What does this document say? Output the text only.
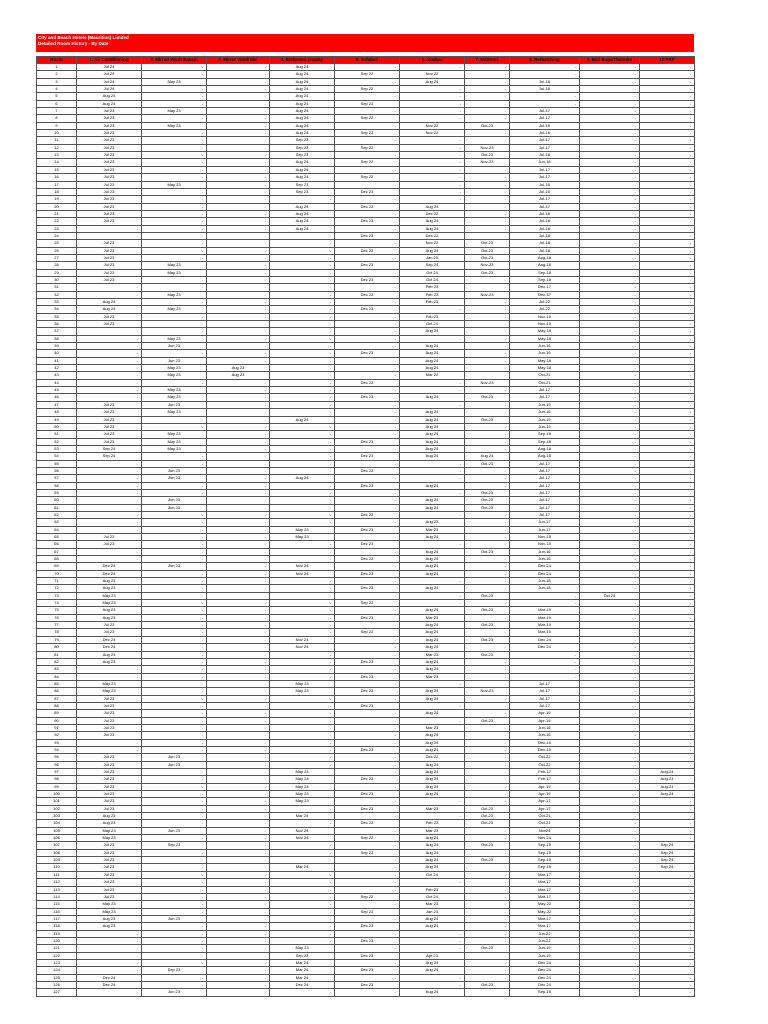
City and Beach Hotels (Mauritius) Limited
Detailed Room History - By Date
Room	1. Air Conditioning	2. Mirror/ Wash Bassin	3. Mirror Wardrobe	4. Bathroom revamp	5. Sofabed	6. Minibar	7. Mattress	8. Rethatching	9. Bed Bugs/Thermite	10.PRP
1	Jul 24	-	-	Aug 24	-	-	-	-	-	-
2	Jul 24	-	-	Aug 24	Sep 22	Nov 22	-	-	-	-
3	Jul 24	May 23	-	Aug 24	-	Aug 24	-	Jul-18	-	-
4	Jul 24	-	-	Aug 24	Sep 22	-	-	Jul-18	-	-
5	Aug 24	-	-	Aug 24	-	-	-	-	-	-
6	Aug 24	-	-	Aug 24	Sep 22	-	-	-	-	-
7	Jul 23	May 23	-	Aug 24	-	-	-	Jul-17	-	-
8	Jul 23	-	-	Aug 24	Sep 22	-	-	Jul-17	-	-
9	Jul 23	May 23	-	Aug 24	-	Nov 22	Oct-23	Jul-16	-	-
10	Jul 23	-	-	Aug 24	Sep 22	Nov 22	-	Jul-16	-	-
11	Jul 23	-	-	Sep 23	-	-	-	Jul-17	-	-
12	Jul 23	-	-	Sep 23	Sep 22	-	Nov-23	Jul-17	-	-
13	Jul 23	-	-	Sep 23	-	-	Oct-23	Jul-18	-	-
14	Jul 23	-	-	Aug 24	Sep 22	-	Nov-23	Jun-18	-	-
15	Jul 23	-	-	Aug 24	-	-	-	Jul-17	-	-
16	Jul 23	-	-	Aug 24	Sep 22	-	-	Jul-17	-	-
17	Jul 23	May 23	-	Sep 23	-	-	-	Jul-16	-	-
18	Jul 23	-	-	Sep 23	Dec 23	-	-	Jul-16	-	-
19	Jul 23	-	-	-	-	-	-	Jul-17	-	-
20	Jul 23	-	-	Aug 24	Dec 23	Aug 24	-	Jul-17	-	-
21	Jul 23	-	-	Aug 24	-	Dec 22	-	Jul-18	-	-
22	Jul 23	-	-	Aug 24	Dec 23	Aug 24	-	Jul-18	-	-
23	-	-	-	Aug 24	-	Aug 24	-	Jul-18	-	-
24	-	-	-	-	Dec 23	Dec 22	-	Jul-18	-	-
25	Jul 23	-	-	-	-	Nov 22	Oct-23	Jul-18	-	-
26	Jul 23	-	-	-	Dec 23	Aug 24	Oct-23	Jul-18	-	-
27	Jul 23	-	-	-	-	Jan 23	Oct-23	Aug-18	-	-
28	Jul 23	May 23	-	-	Dec 23	Sep 24	Nov-23	Aug-18	-	-
29	Jul 23	May 23	-	-	-	Oct 24	Oct-23	Sep-18	-	-
30	Jul 23	-	-	-	Dec 23	Oct 24	-	Sep-18	-	-
31	-	-	-	-	-	Feb 23	-	Dec-17	-	-
32	-	May 23	-	-	Dec 23	Feb 23	Nov-23	Dec-17	-	-
33	Aug 24	-	-	-	-	Feb 23	-	Jul-22	-	-
34	Aug 24	May 23	-	-	Dec 23	-	-	Jul-22	-	-
35	Jul 23	-	-	-	-	Feb 23	-	Nov-15	-	-
36	Jul 23	-	-	-	-	Oct 24	-	Nov-15	-	-
37	-	-	-	-	-	Aug 24	-	May-19	-	-
38	-	May 23	-	-	-	-	-	May-19	-	-
39	-	Jun 23	-	-	-	Aug 24	-	Jun-16	-	-
40	-	-	-	-	Dec 23	Aug 24	-	Jun-16	-	-
41	-	Jun 23	-	-	-	Aug 24	-	May-18	-	-
42	-	May 23	Aug 23	-	-	Aug 24	-	May-18	-	-
43	-	May 23	Aug 23	-	-	Mar 22	-	Oct-21	-	-
44	-	-	-	-	Dec 23	-	Nov-23	Oct-21	-	-
45	-	May 23	-	-	-	-	-	Jul-17	-	-
46	-	May 23	-	-	Dec 23	Aug 24	Oct-23	Jul-17	-	-
47	Jul 23	Jun 23	-	-	-	-	-	Jun-19	-	-
48	Jul 23	May 23	-	-	-	Aug 24	-	Jun-16	-	-
49	Jul 23	-	-	Aug 24	-	Aug 24	Oct-23	Jun-19	-	-
50	Jul 23	-	-	-	-	Aug 24	-	Jun-19	-	-
51	Jul 23	May 23	-	-	-	Aug 24	-	Sep-18	-	-
52	Jul 23	May 23	-	-	Dec 23	Aug 24	-	Sep-18	-	-
53	Sep 24	May 23	-	-	-	Aug 24	-	Aug-18	-	-
54	Sep 24	-	-	-	Dec 23	Aug 24	Aug 24	Aug-18	-	-
55	-	-	-	-	-	-	Oct-23	Jul-17	-	-
56	-	Jun 23	-	-	Dec 23	-	-	Jul-17	-	-
57	-	Jun 23	-	Aug 24	-	-	-	Jul-17	-	-
58	-	-	-	-	Dec 23	Aug 24	-	Jul-17	-	-
59	-	-	-	-	-	-	Oct-23	Jul-17	-	-
60	-	Jun 23	-	-	-	Aug 24	Oct-23	Jul-17	-	-
61	-	Jun 23	-	-	-	Aug 24	Oct-23	Jul-17	-	-
62	-	-	-	-	Dec 23	-	-	Jul-17	-	-
63	-	-	-	-	-	Aug 23	-	Jun-17	-	-
64	-	-	-	May 23	Dec 23	Mar 23	-	Jun-17	-	-
65	Jul 23	-	-	May 23	-	Aug 24	-	Nov-15	-	-
66	Jul 23	-	-	-	Dec 23	-	-	Nov-15	-	-
67	-	-	-	-	-	Aug 24	Oct-23	Jun-16	-	-
68	-	-	-	-	Dec 23	Aug 24	-	Jun-16	-	-
69	Dec 24	Jun 23	-	Nov 24	-	Aug 24	-	Dec 24	-	-
70	Dec 24	-	-	Nov 24	Dec 23	Aug 24	-	Dec 24	-	-
71	Aug 23	-	-	-	-	-	-	Jun-18	-	-
72	Aug 23	-	-	-	Dec 23	Aug 24	-	Jun-18	-	-
73	May 23	-	-	-	-	-	Oct-23	-	Oct 24	-
74	May 23	-	-	-	Sep 22	-	-	-	-	-
75	Aug 23	-	-	-	-	Aug 24	Oct-23	Mar-19	-	-
76	Aug 23	-	-	-	Dec 23	Mar 23	-	Mar-19	-	-
77	Jul 23	-	-	-	-	Aug 24	Oct-23	Mar-19	-	-
78	Jul 23	-	-	-	Sep 22	Aug 24	-	Mar-19	-	-
79	Dec 24	-	-	Nov 24	-	Aug 24	Oct-23	Dec 24	-	-
80	Dec 24	-	-	Nov 24	-	Aug 24	-	Dec 24	-	-
81	Aug 23	-	-	-	-	Mar 23	Oct-23	-	-	-
82	Aug 23	-	-	-	Dec 23	Aug 24	-	-	-	-
83	-	-	-	-	-	Aug 24	-	-	-	-
84	-	-	-	-	Dec 23	Mar 23	-	-	-	-
85	May 23	-	-	May 23	-	-	-	Jul-17	-	-
86	May 23	-	-	May 23	Dec 23	Aug 24	Nov-23	Jul-17	-	-
87	Jul 23	-	-	-	-	Aug 24	-	Jul-17	-	-
88	Jul 23	-	-	-	Dec 23	-	-	Jul-17	-	-
89	Jul 23	-	-	-	-	Aug 24	-	Apr-19	-	-
90	Jul 23	-	-	-	-	-	Oct-23	Apr-19	-	-
91	Jul 23	-	-	-	-	Mar 23	-	Jun-16	-	-
92	Jul 23	-	-	-	-	Aug 24	-	Jun-16	-	-
93	-	-	-	-	-	Aug 24	-	Dec-15	-	-
94	-	-	-	-	Dec 23	Aug 24	-	Dec-15	-	-
95	Jul 23	Jun 23	-	-	-	Dec 22	-	Oct-22	-	-
96	Jul 23	Jun 23	-	-	-	Aug 24	-	Oct-22	-	-
97	Jul 23	-	-	May 24	-	Aug 24	-	Feb-17	-	Aug-24
98	Jul 23	-	-	May 24	Dec 23	Aug 24	-	Feb-17	-	Aug-24
99	Jul 23	-	-	May 24	-	Aug 24	-	Apr-19	-	Aug-24
100	Jul 23	-	-	May 23	Dec 23	Aug 24	-	Apr-19	-	Aug-24
101	Jul 23	-	-	May 23	-	-	-	Apr-17	-	-
102	Jul 23	-	-	-	Dec 23	Mar 23	Oct-23	Apr-17	-	-
103	Aug 23	-	-	Mar 24	-	-	Oct-23	Oct-21	-	-
104	Aug 23	-	-	-	Dec 23	Feb 23	Oct-23	Oct-21	-	-
105	May 23	Jun 23	-	Nov 24	-	Mar 23	-	Nov24	-	-
106	May 23	-	-	Nov 24	Sep 22	Aug 24	-	Nov 24	-	-
107	Jul 23	Sep 23	-	-	-	Aug 24	Oct-23	Sep-15	-	Sep 24
108	Jul 23	-	-	-	Sep 22	Aug 24	-	Sep-15	-	Sep 24
109	Jul 23	-	-	-	-	Aug 24	Oct-23	Sep-15	-	Sep 24
110	Jul 23	-	-	Mar 24	-	Aug 24	-	Sep-15	-	Sep 24
111	Jul 23	-	-	-	-	Oct 24	-	Mar-17	-	-
112	Jul 23	-	-	-	-	-	-	Mar-17	-	-
113	Jul 23	-	-	-	-	Feb 23	-	Mar-17	-	-
114	Jul 23	-	-	-	Sep 22	Oct 24	-	Mar-17	-	-
115	May 23	-	-	-	-	Mar 23	-	May-22	-	-
116	May 23	-	-	-	Sep 22	Jan 23	-	May-22	-	-
117	Aug 23	Jun 23	-	-	-	Aug 24	-	Mar-17	-	-
118	Aug 23	-	-	-	Dec 23	Aug 24	-	Mar-17	-	-
119	-	-	-	-	-	-	-	Jun-22	-	-
120	-	-	-	-	Dec 23	-	-	Jun-22	-	-
121	-	-	-	May 23	-	-	Oct-23	Jun-19	-	-
122	-	-	-	Sep 23	Dec 23	Apr 23	-	Jun-19	-	-
123	-	-	-	Mar 24	-	Aug 24	-	Dec 24	-	-
124	-	Sep 23	-	Mar 24	Dec 23	Aug 24	-	Dec 24	-	-
125	Dec 24	-	-	Mar 24	-	-	-	Dec 24	-	-
126	Dec 24	-	-	Dec 24	Dec 23	-	Oct-23	Dec 24	-	-
127	-	Jun 23	-	-	-	Aug 24	-	Sep-15	-	-
